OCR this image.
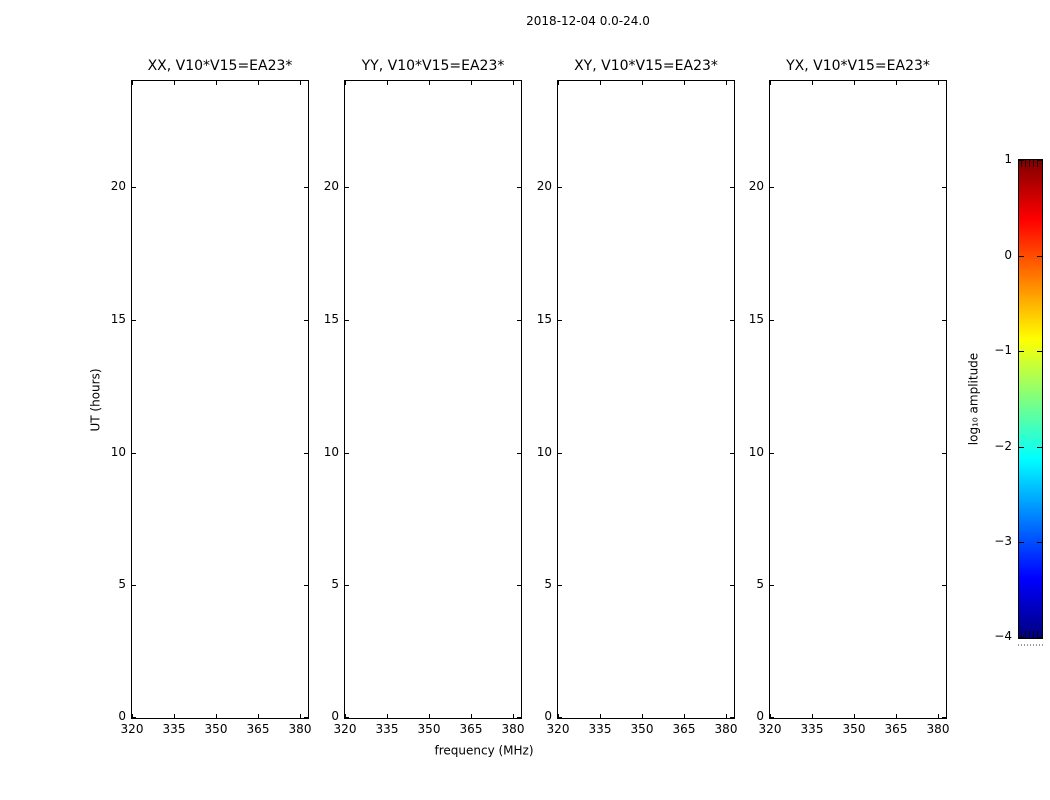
2018-12-04 0.0-24.0
UT (hours)
frequency (MHz)
XX, V10*V15=EA23*
320	335	350	365	380
0
5
10
15
20
YY, V10*V15=EA23*
320	335	350	365	380
0
5
10
15
20
XY, V10*V15=EA23*
320	335	350	365	380
0
5
10
15
20
YX, V10*V15=EA23*
320	335	350	365	380
0
5
10
15
20
log₁₀ amplitude
1
0
−1
−2
−3
−4
